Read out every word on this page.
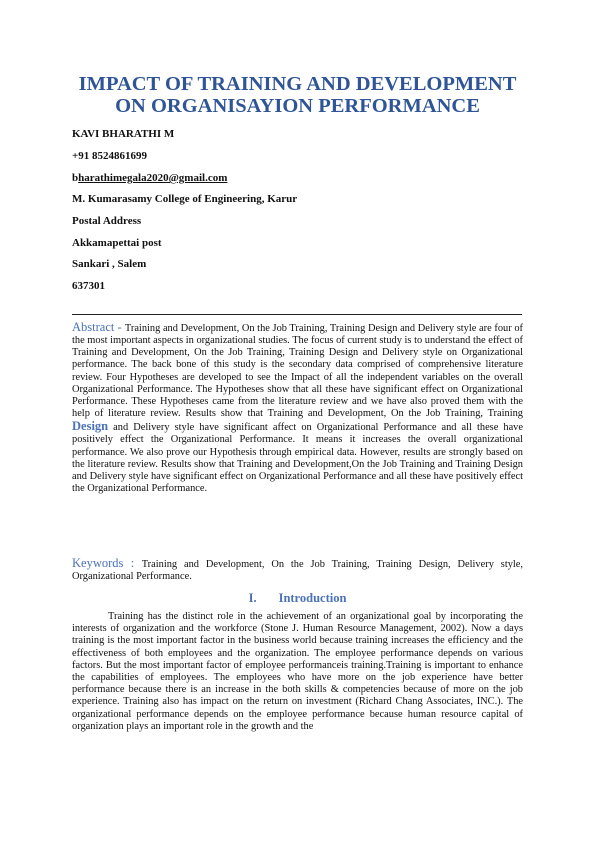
IMPACT OF TRAINING AND DEVELOPMENT
ON ORGANISAYION PERFORMANCE

KAVI BHARATHI M

+91 8524861699

bharathimegala2020@gmail.com

M. Kumarasamy College of Engineering, Karur

Postal Address

Akkamapettai post

Sankari , Salem

637301

Abstract - Training and Development, On the Job Training, Training Design and Delivery style are four of the most important aspects in organizational studies. The focus of current study is to understand the effect of Training and Development, On the Job Training, Training Design and Delivery style on Organizational performance. The back bone of this study is the secondary data comprised of comprehensive literature review. Four Hypotheses are developed to see the Impact of all the independent variables on the overall Organizational Performance. The Hypotheses show that all these have significant effect on Organizational Performance. These Hypotheses came from the literature review and we have also proved them with the help of literature review. Results show that Training and Development, On the Job Training, Training Design and Delivery style have significant affect on Organizational Performance and all these have positively effect the Organizational Performance. It means it increases the overall organizational performance. We also prove our Hypothesis through empirical data. However, results are strongly based on the literature review. Results show that Training and Development,On the Job Training and Training Design and Delivery style have significant effect on Organizational Performance and all these have positively effect the Organizational Performance.

Keywords : Training and Development, On the Job Training, Training Design, Delivery style, Organizational Performance.

I. Introduction

Training has the distinct role in the achievement of an organizational goal by incorporating the interests of organization and the workforce (Stone J. Human Resource Management, 2002). Now a days training is the most important factor in the business world because training increases the efficiency and the effectiveness of both employees and the organization. The employee performance depends on various factors. But the most important factor of employee performanceis training.Training is important to enhance the capabilities of employees. The employees who have more on the job experience have better performance because there is an increase in the both skills & competencies because of more on the job experience. Training also has impact on the return on investment (Richard Chang Associates, INC.). The organizational performance depends on the employee performance because human resource capital of organization plays an important role in the growth and the
